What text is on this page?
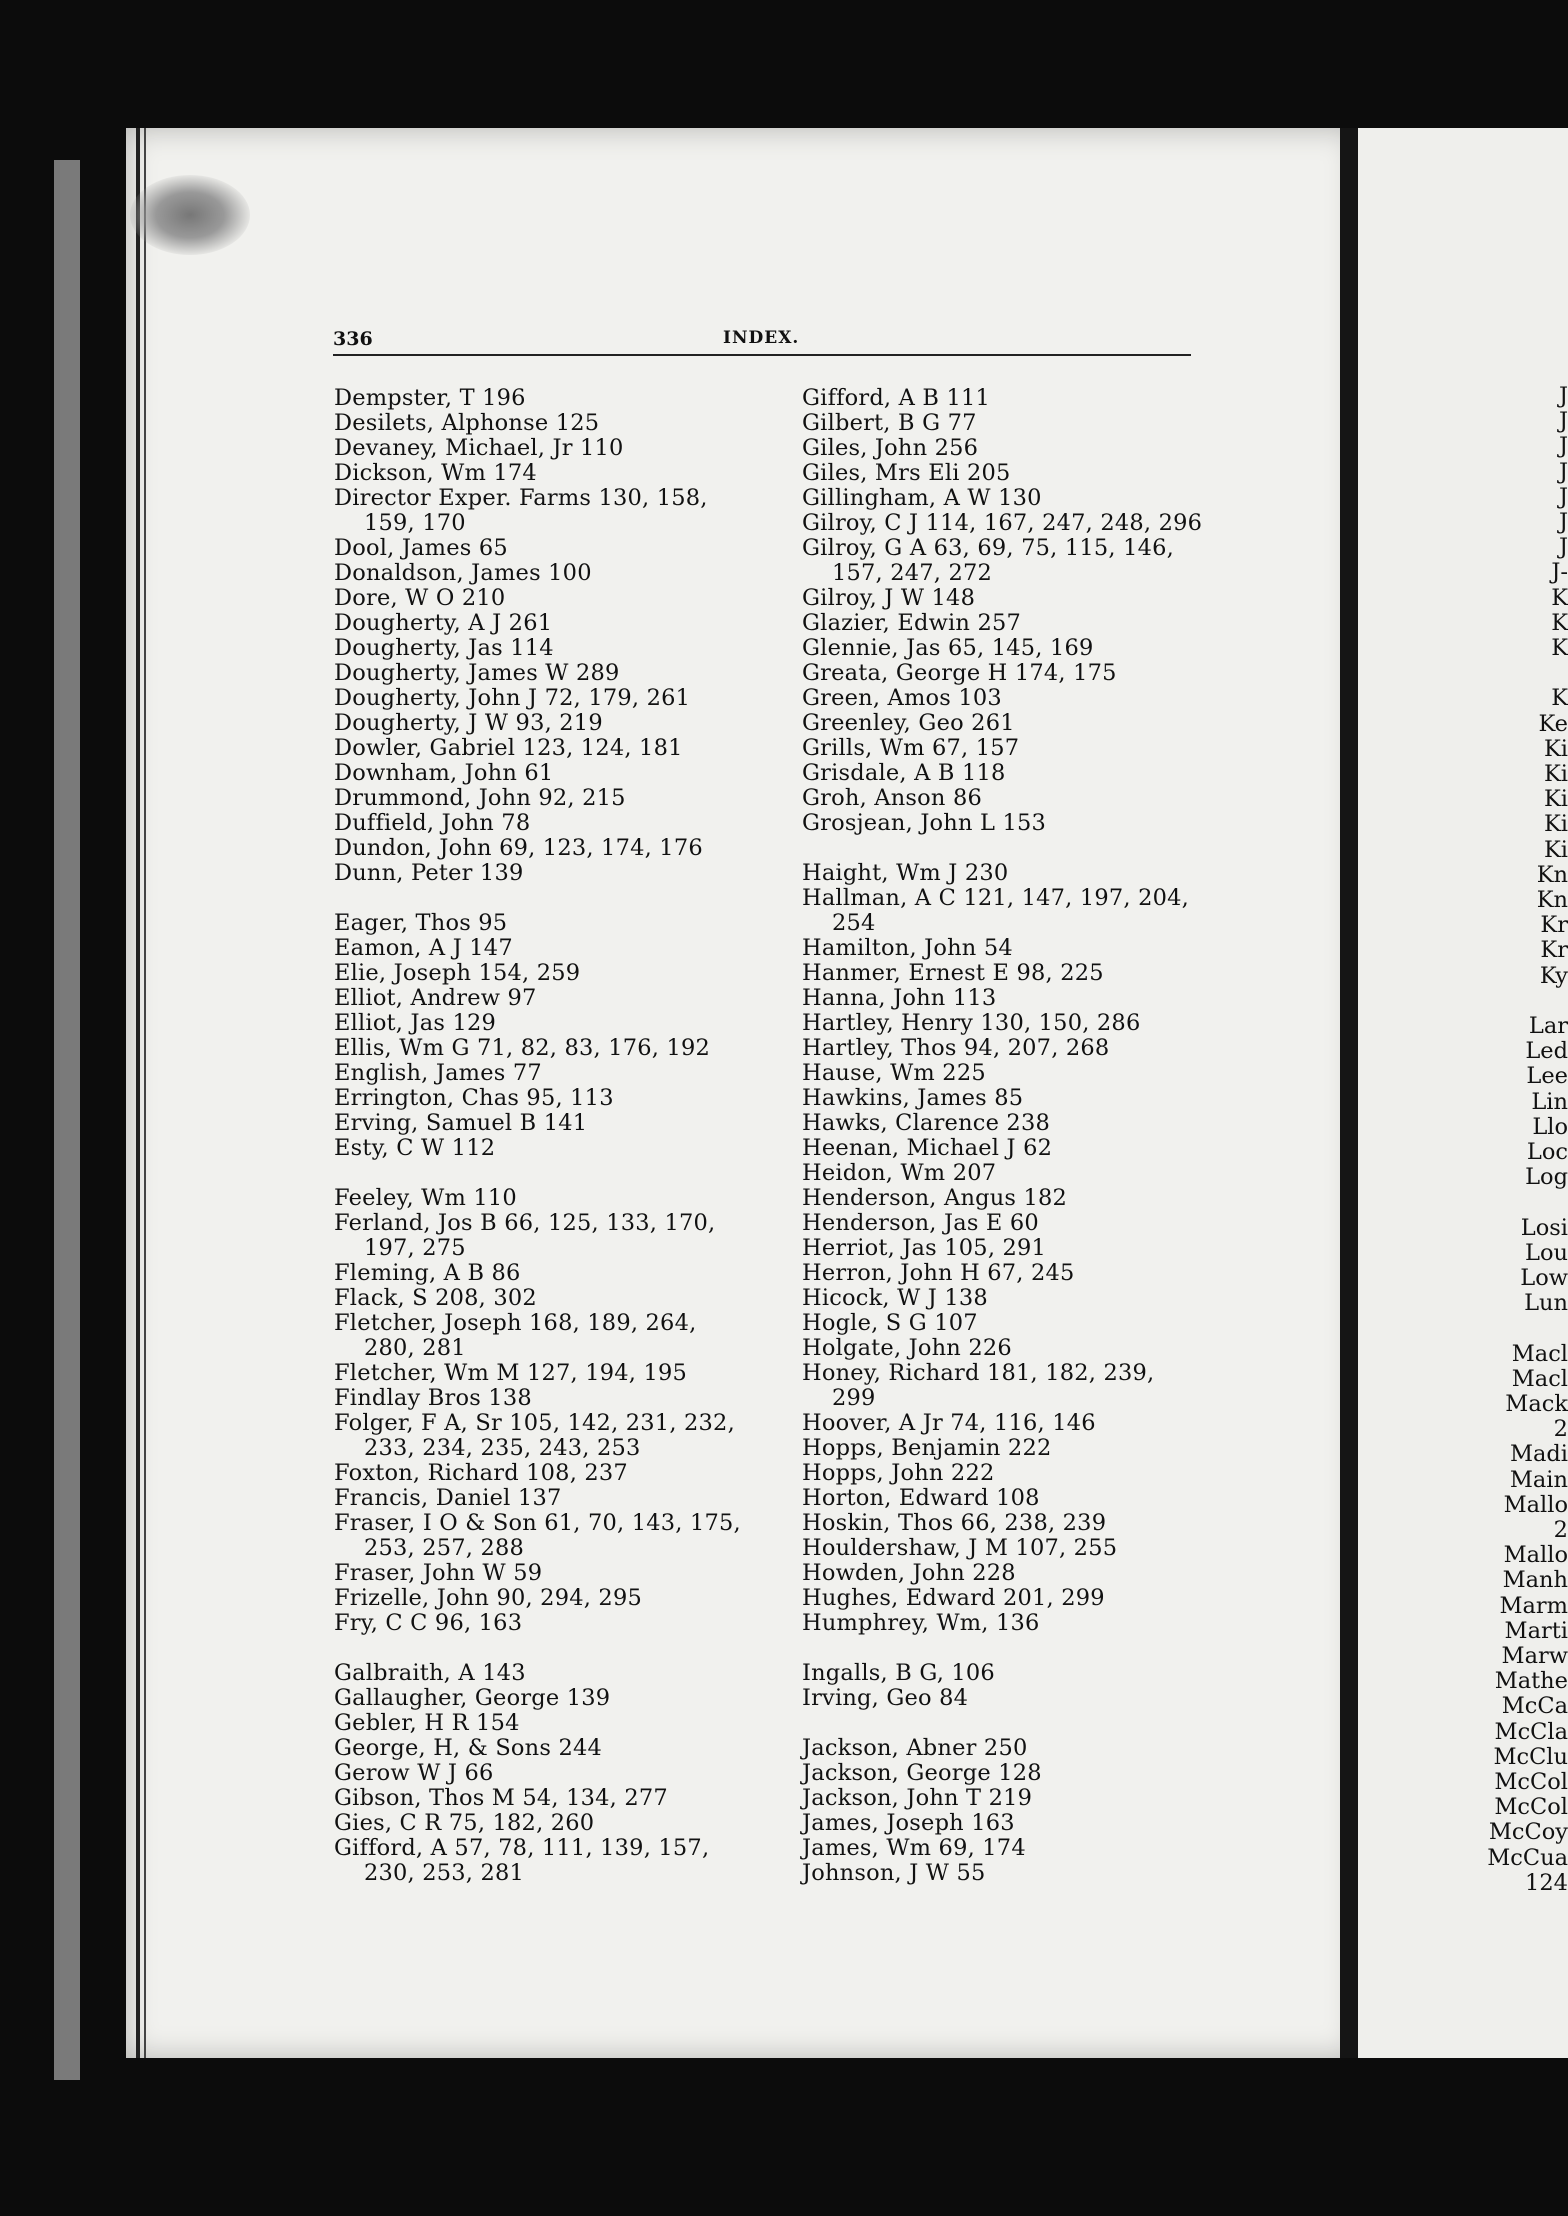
336	INDEX.
Dempster, T 196
Desilets, Alphonse 125
Devaney, Michael, Jr 110
Dickson, Wm 174
Director Exper. Farms 130, 158,
159, 170
Dool, James 65
Donaldson, James 100
Dore, W O 210
Dougherty, A J 261
Dougherty, Jas 114
Dougherty, James W 289
Dougherty, John J 72, 179, 261
Dougherty, J W 93, 219
Dowler, Gabriel 123, 124, 181
Downham, John 61
Drummond, John 92, 215
Duffield, John 78
Dundon, John 69, 123, 174, 176
Dunn, Peter 139
Eager, Thos 95
Eamon, A J 147
Elie, Joseph 154, 259
Elliot, Andrew 97
Elliot, Jas 129
Ellis, Wm G 71, 82, 83, 176, 192
English, James 77
Errington, Chas 95, 113
Erving, Samuel B 141
Esty, C W 112
Feeley, Wm 110
Ferland, Jos B 66, 125, 133, 170,
197, 275
Fleming, A B 86
Flack, S 208, 302
Fletcher, Joseph 168, 189, 264,
280, 281
Fletcher, Wm M 127, 194, 195
Findlay Bros 138
Folger, F A, Sr 105, 142, 231, 232,
233, 234, 235, 243, 253
Foxton, Richard 108, 237
Francis, Daniel 137
Fraser, I O & Son 61, 70, 143, 175,
253, 257, 288
Fraser, John W 59
Frizelle, John 90, 294, 295
Fry, C C 96, 163
Galbraith, A 143
Gallaugher, George 139
Gebler, H R 154
George, H, & Sons 244
Gerow W J 66
Gibson, Thos M 54, 134, 277
Gies, C R 75, 182, 260
Gifford, A 57, 78, 111, 139, 157,
230, 253, 281
Gifford, A B 111
Gilbert, B G 77
Giles, John 256
Giles, Mrs Eli 205
Gillingham, A W 130
Gilroy, C J 114, 167, 247, 248, 296
Gilroy, G A 63, 69, 75, 115, 146,
157, 247, 272
Gilroy, J W 148
Glazier, Edwin 257
Glennie, Jas 65, 145, 169
Greata, George H 174, 175
Green, Amos 103
Greenley, Geo 261
Grills, Wm 67, 157
Grisdale, A B 118
Groh, Anson 86
Grosjean, John L 153
Haight, Wm J 230
Hallman, A C 121, 147, 197, 204,
254
Hamilton, John 54
Hanmer, Ernest E 98, 225
Hanna, John 113
Hartley, Henry 130, 150, 286
Hartley, Thos 94, 207, 268
Hause, Wm 225
Hawkins, James 85
Hawks, Clarence 238
Heenan, Michael J 62
Heidon, Wm 207
Henderson, Angus 182
Henderson, Jas E 60
Herriot, Jas 105, 291
Herron, John H 67, 245
Hicock, W J 138
Hogle, S G 107
Holgate, John 226
Honey, Richard 181, 182, 239,
299
Hoover, A Jr 74, 116, 146
Hopps, Benjamin 222
Hopps, John 222
Horton, Edward 108
Hoskin, Thos 66, 238, 239
Houldershaw, J M 107, 255
Howden, John 228
Hughes, Edward 201, 299
Humphrey, Wm, 136
Ingalls, B G, 106
Irving, Geo 84
Jackson, Abner 250
Jackson, George 128
Jackson, John T 219
James, Joseph 163
James, Wm 69, 174
Johnson, J W 55
J
J
J
J
J
J
J
J-
K
K
K
K
Ke
Ki
Ki
Ki
Ki
Ki
Kn
Kn
Kr
Kr
Ky
Lar
Led
Lee
Lin
Llo
Loc
Log
Losi
Lou
Low
Lun
Macl
Macl
Mack
2
Madi
Main
Mallo
2
Mallo
Manh
Marm
Marti
Marw
Mathe
McCa
McCla
McClu
McCol
McCol
McCoy
McCua
124
